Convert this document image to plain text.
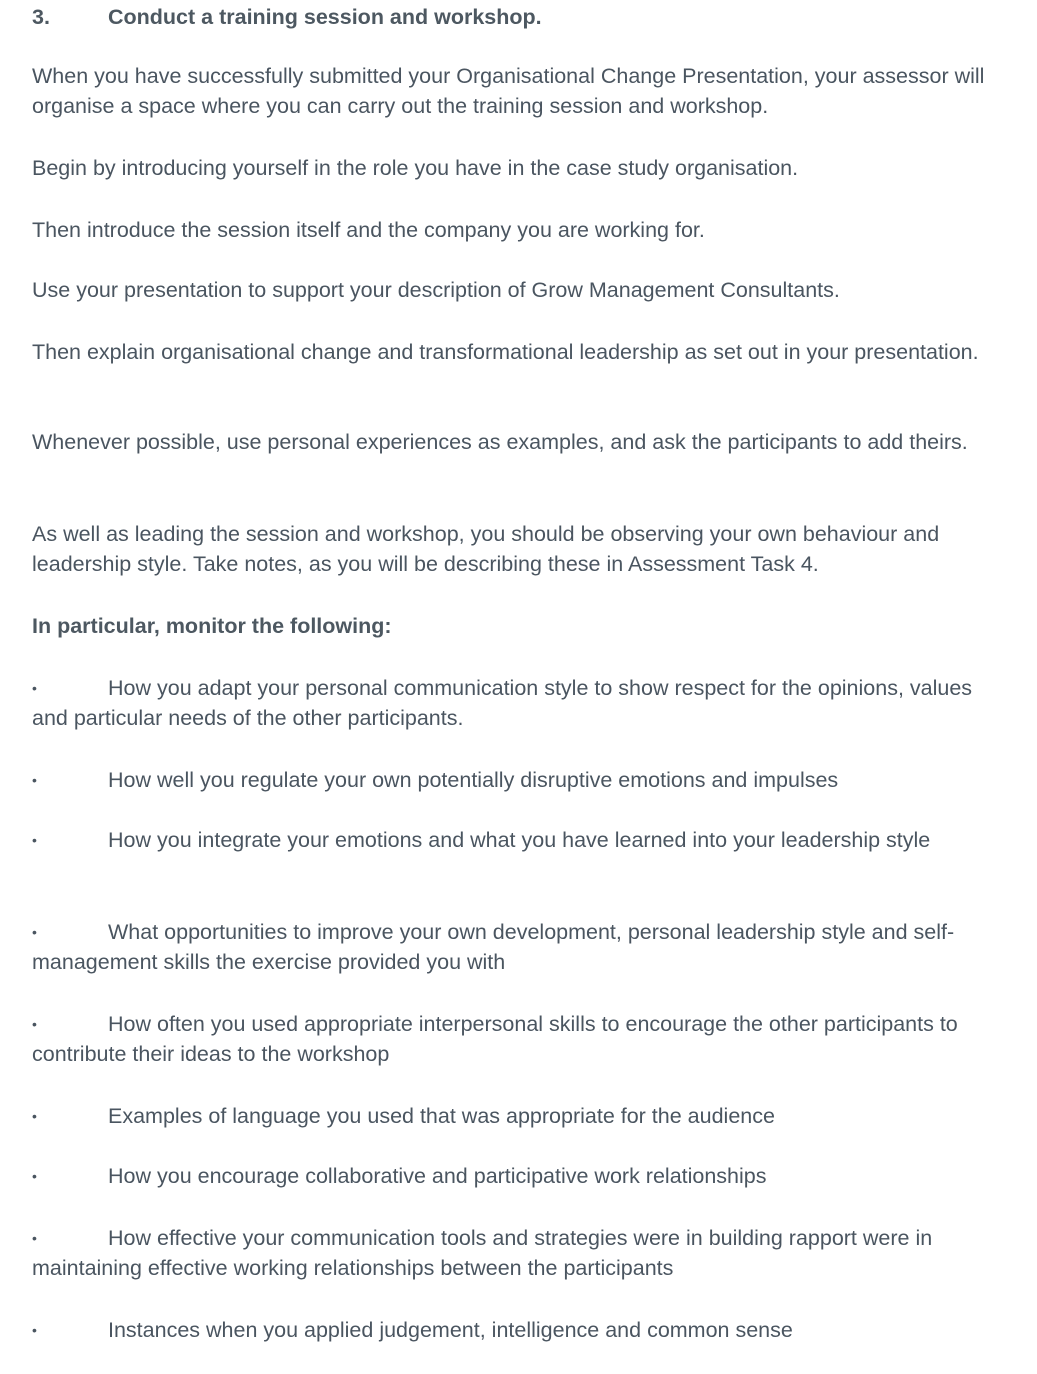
3.	Conduct a training session and workshop.

When you have successfully submitted your Organisational Change Presentation, your assessor will organise a space where you can carry out the training session and workshop.

Begin by introducing yourself in the role you have in the case study organisation.

Then introduce the session itself and the company you are working for.

Use your presentation to support your description of Grow Management Consultants.

Then explain organisational change and transformational leadership as set out in your presentation.

Whenever possible, use personal experiences as examples, and ask the participants to add theirs.

As well as leading the session and workshop, you should be observing your own behaviour and leadership style. Take notes, as you will be describing these in Assessment Task 4.

In particular, monitor the following:

•	How you adapt your personal communication style to show respect for the opinions, values and particular needs of the other participants.

•	How well you regulate your own potentially disruptive emotions and impulses

•	How you integrate your emotions and what you have learned into your leadership style

•	What opportunities to improve your own development, personal leadership style and self-management skills the exercise provided you with

•	How often you used appropriate interpersonal skills to encourage the other participants to contribute their ideas to the workshop

•	Examples of language you used that was appropriate for the audience

•	How you encourage collaborative and participative work relationships

•	How effective your communication tools and strategies were in building rapport were in maintaining effective working relationships between the participants

•	Instances when you applied judgement, intelligence and common sense
